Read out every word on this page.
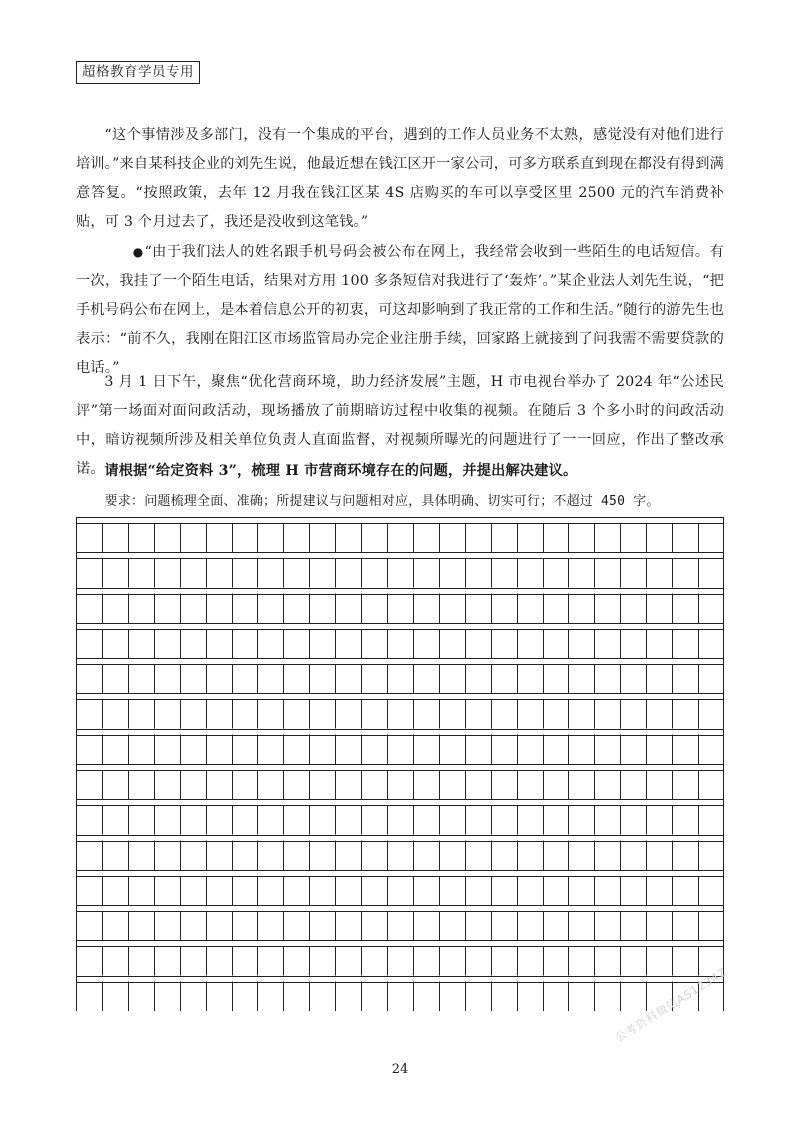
超格教育学员专用

“这个事情涉及多部门，没有一个集成的平台，遇到的工作人员业务不太熟，感觉没有对他们进行培训。”来自某科技企业的刘先生说，他最近想在钱江区开一家公司，可多方联系直到现在都没有得到满意答复。“按照政策，去年 12 月我在钱江区某 4S 店购买的车可以享受区里 2500 元的汽车消费补贴，可 3 个月过去了，我还是没收到这笔钱。”

●“由于我们法人的姓名跟手机号码会被公布在网上，我经常会收到一些陌生的电话短信。有一次，我挂了一个陌生电话，结果对方用 100 多条短信对我进行了‘轰炸’。”某企业法人刘先生说，“把手机号码公布在网上，是本着信息公开的初衷，可这却影响到了我正常的工作和生活。”随行的游先生也表示：“前不久，我刚在阳江区市场监管局办完企业注册手续，回家路上就接到了问我需不需要贷款的电话。”

3 月 1 日下午，聚焦“优化营商环境，助力经济发展”主题，H 市电视台举办了 2024 年“公述民评”第一场面对面问政活动，现场播放了前期暗访过程中收集的视频。在随后 3 个多小时的问政活动中，暗访视频所涉及相关单位负责人直面监督，对视频所曝光的问题进行了一一回应，作出了整改承诺。 请根据“给定资料 3”，梳理 H 市营商环境存在的问题，并提出解决建议。

要求：问题梳理全面、准确；所提建议与问题相对应，具体明确、切实可行；不超过 450 字。

24
公考资料微信AS1234Z
